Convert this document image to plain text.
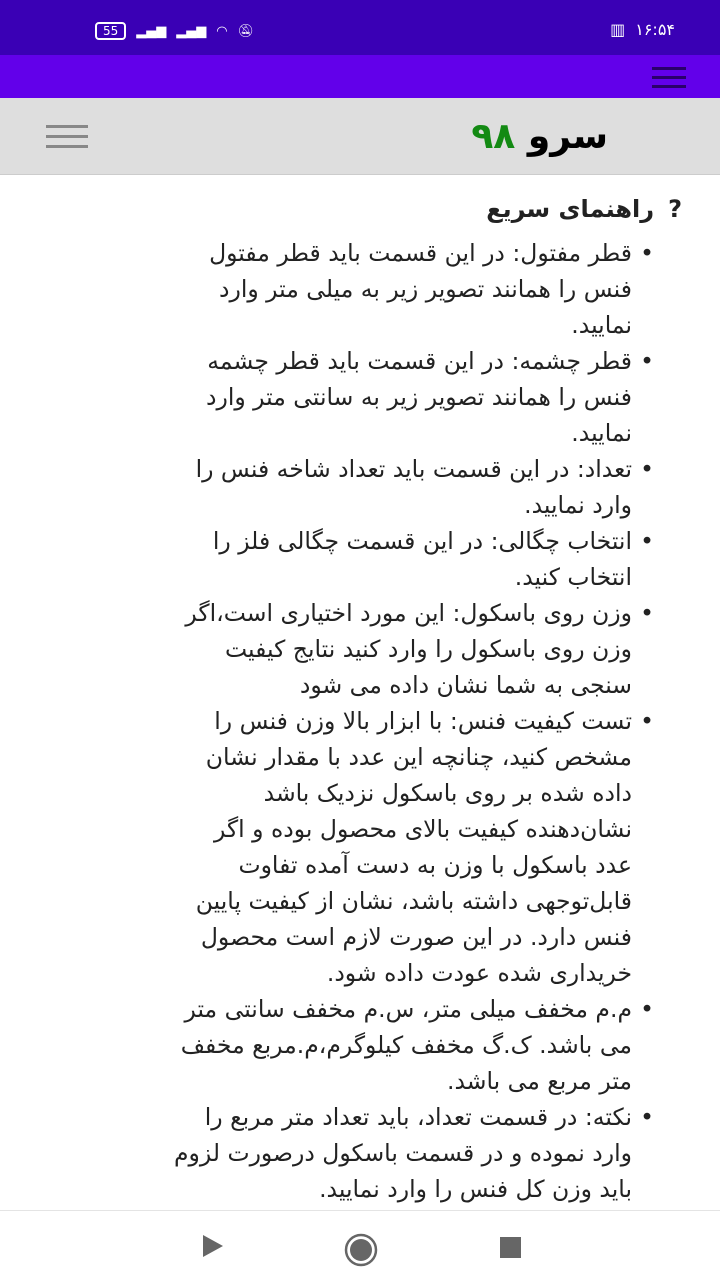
55	▂▄▆ ▂▄▆ ◠ 🔕︎	▥ ۱۶:۵۴
سرو ۹۸
?راهنمای سریع
• قطر مفتول: در این قسمت باید قطر مفتول
فنس را همانند تصویر زیر به میلی متر وارد
نمایید.
• قطر چشمه: در این قسمت باید قطر چشمه
فنس را همانند تصویر زیر به سانتی متر وارد
نمایید.
• تعداد: در این قسمت باید تعداد شاخه فنس را
وارد نمایید.
• انتخاب چگالی: در این قسمت چگالی فلز را
انتخاب کنید.
• وزن روی باسکول: این مورد اختیاری است،اگر
وزن روی باسکول را وارد کنید نتایج کیفیت
سنجی به شما نشان داده می شود
• تست کیفیت فنس: با ابزار بالا وزن فنس را
مشخص کنید، چنانچه این عدد با مقدار نشان
داده شده بر روی باسکول نزدیک باشد
نشان‌دهنده کیفیت بالای محصول بوده و اگر
عدد باسکول با وزن به دست آمده تفاوت
قابل‌توجهی داشته باشد، نشان از کیفیت پایین
فنس دارد. در این صورت لازم است محصول
خریداری شده عودت داده شود.
• م.م مخفف میلی متر، س.م مخفف سانتی متر
می باشد. ک.گ مخفف کیلوگرم،م.مربع مخفف
متر مربع می باشد.
• نکته: در قسمت تعداد، باید تعداد متر مربع را
وارد نموده و در قسمت باسکول درصورت لزوم
باید وزن کل فنس را وارد نمایید.
